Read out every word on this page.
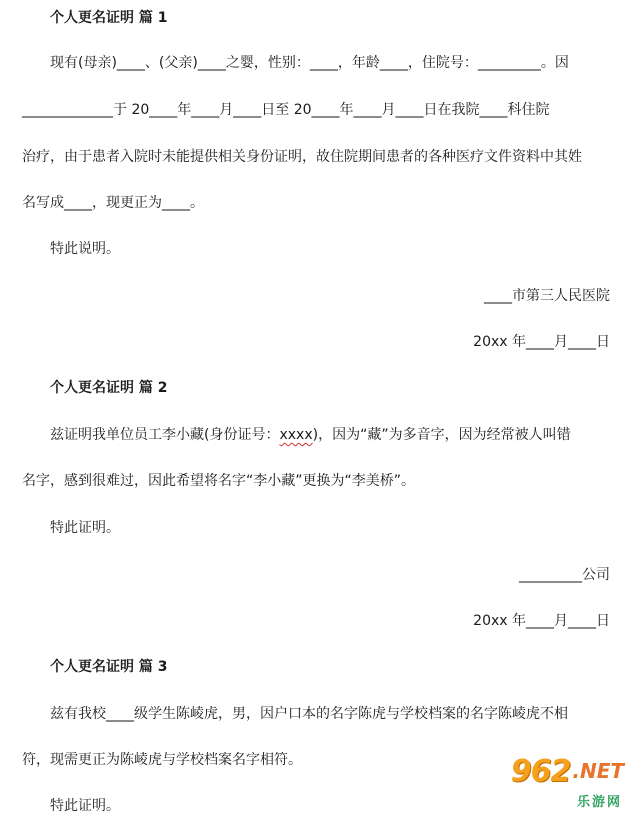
个人更名证明 篇 1
现有(母亲)____、(父亲)____之婴，性别：____，年龄____，住院号：_________。因
_____________于 20____年____月____日至 20____年____月____日在我院____科住院
治疗，由于患者入院时未能提供相关身份证明，故住院期间患者的各种医疗文件资料中其姓
名写成____，现更正为____。
特此说明。
____市第三人民医院
20xx 年____月____日
个人更名证明 篇 2
兹证明我单位员工李小藏(身份证号：xxxx)，因为“藏”为多音字，因为经常被人叫错
名字，感到很难过，因此希望将名字“李小藏”更换为“李美桥”。
特此证明。
_________公司
20xx 年____月____日
个人更名证明 篇 3
兹有我校____级学生陈崚虎，男，因户口本的名字陈虎与学校档案的名字陈崚虎不相
符，现需更正为陈崚虎与学校档案名字相符。
特此证明。
962 .NET
乐游网
